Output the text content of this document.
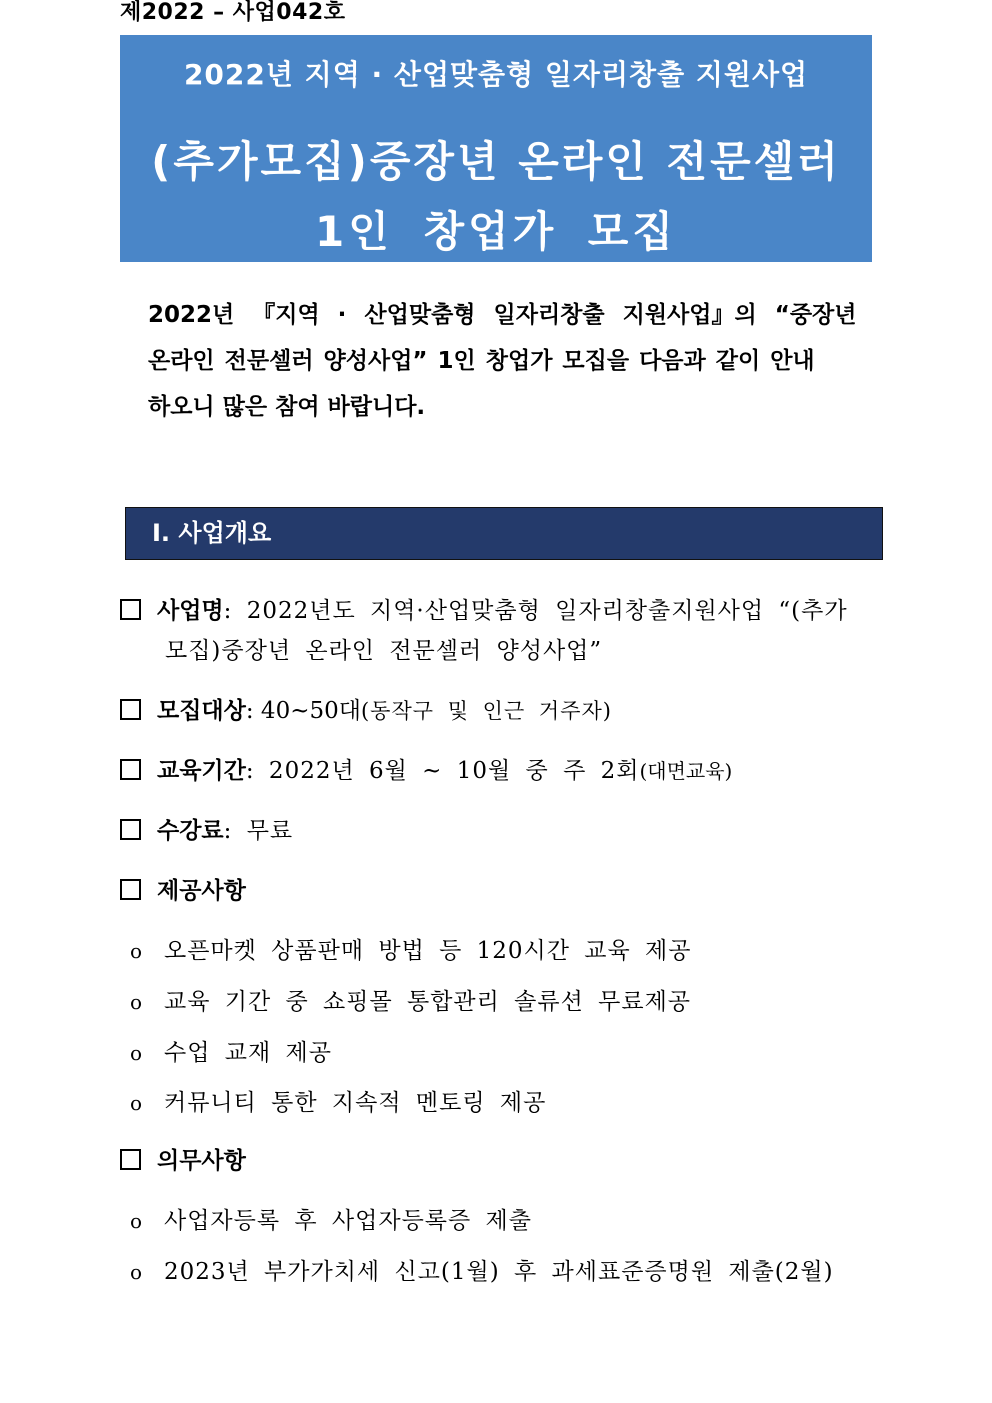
제2022 – 사업042호
2022년 지역 · 산업맞춤형 일자리창출 지원사업
(추가모집)중장년 온라인 전문셀러
1인 창업가 모집
2022년 『지역 · 산업맞춤형 일자리창출 지원사업』의 “중장년
온라인 전문셀러 양성사업” 1인 창업가 모집을 다음과 같이 안내
하오니 많은 참여 바랍니다.
Ⅰ. 사업개요
사업명: 2022년도 지역·산업맞춤형 일자리창출지원사업 “(추가
모집)중장년 온라인 전문셀러 양성사업”
모집대상: 40~50대(동작구 및 인근 거주자)
교육기간: 2022년 6월 ~ 10월 중 주 2회(대면교육)
수강료: 무료
제공사항
o 오픈마켓 상품판매 방법 등 120시간 교육 제공
o 교육 기간 중 쇼핑몰 통합관리 솔류션 무료제공
o 수업 교재 제공
o 커뮤니티 통한 지속적 멘토링 제공
의무사항
o 사업자등록 후 사업자등록증 제출
o 2023년 부가가치세 신고(1월) 후 과세표준증명원 제출(2월)
